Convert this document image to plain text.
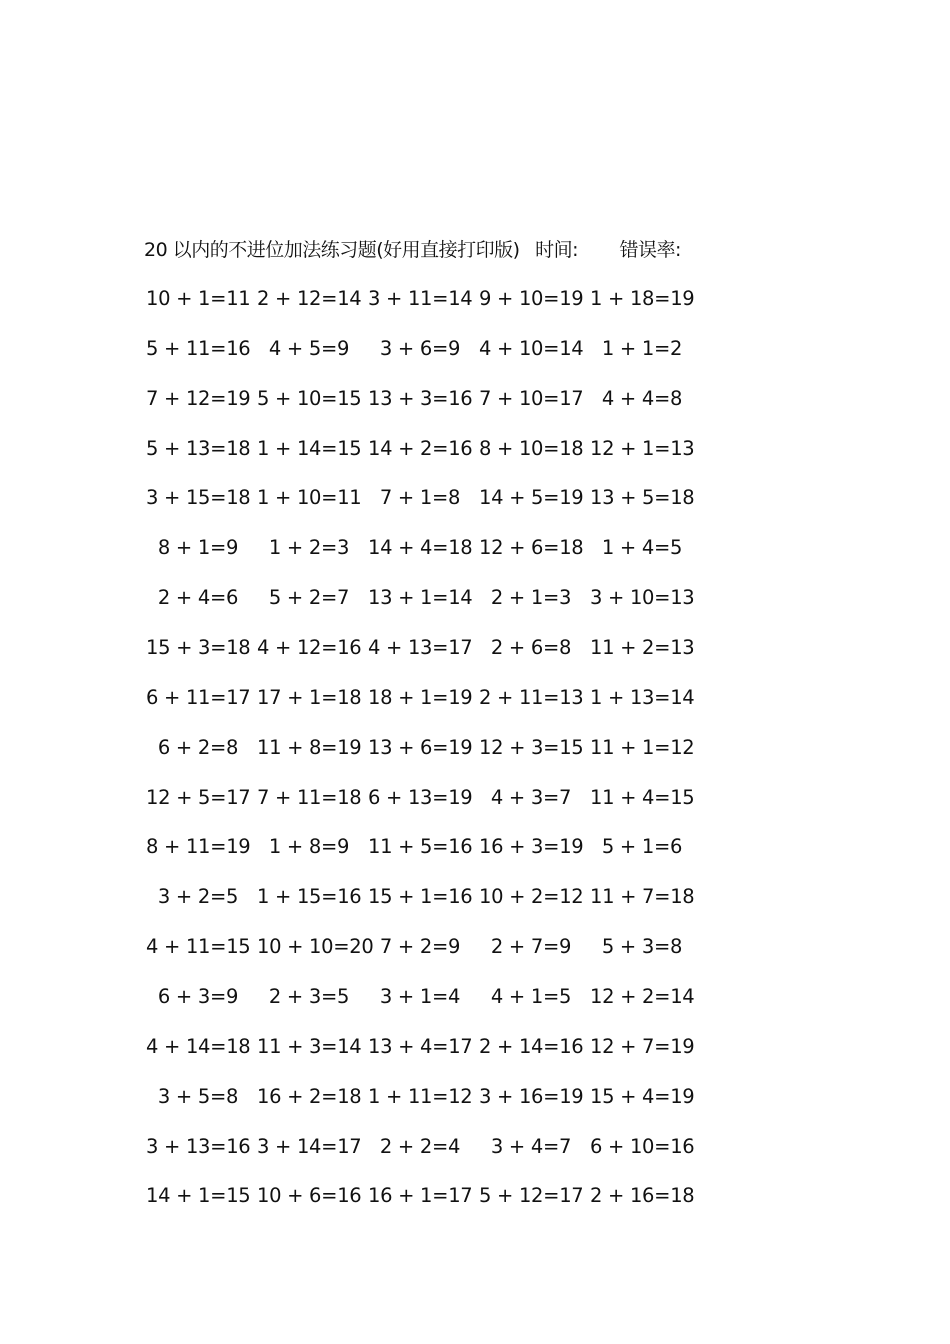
20 以内的不进位加法练习题(好用直接打印版) 时间: 错误率:
10 + 1=11 2 + 12=14 3 + 11=14 9 + 10=19 1 + 18=19
5 + 11=16 4 + 5=9	3 + 6=9 4 + 10=14 1 + 1=2
7 + 12=19 5 + 10=15 13 + 3=16 7 + 10=17 4 + 4=8
5 + 13=18 1 + 14=15 14 + 2=16 8 + 10=18 12 + 1=13
3 + 15=18 1 + 10=11 7 + 1=8 14 + 5=19 13 + 5=18
8 + 1=9	1 + 2=3 14 + 4=18 12 + 6=18 1 + 4=5
2 + 4=6	5 + 2=7 13 + 1=14 2 + 1=3 3 + 10=13
15 + 3=18 4 + 12=16 4 + 13=17 2 + 6=8 11 + 2=13
6 + 11=17 17 + 1=18 18 + 1=19 2 + 11=13 1 + 13=14
6 + 2=8 11 + 8=19 13 + 6=19 12 + 3=15 11 + 1=12
12 + 5=17 7 + 11=18 6 + 13=19 4 + 3=7 11 + 4=15
8 + 11=19 1 + 8=9 11 + 5=16 16 + 3=19 5 + 1=6
3 + 2=5 1 + 15=16 15 + 1=16 10 + 2=12 11 + 7=18
4 + 11=15 10 + 10=20 7 + 2=9	2 + 7=9	5 + 3=8
6 + 3=9	2 + 3=5	3 + 1=4	4 + 1=5 12 + 2=14
4 + 14=18 11 + 3=14 13 + 4=17 2 + 14=16 12 + 7=19
3 + 5=8 16 + 2=18 1 + 11=12 3 + 16=19 15 + 4=19
3 + 13=16 3 + 14=17 2 + 2=4	3 + 4=7 6 + 10=16
14 + 1=15 10 + 6=16 16 + 1=17 5 + 12=17 2 + 16=18
